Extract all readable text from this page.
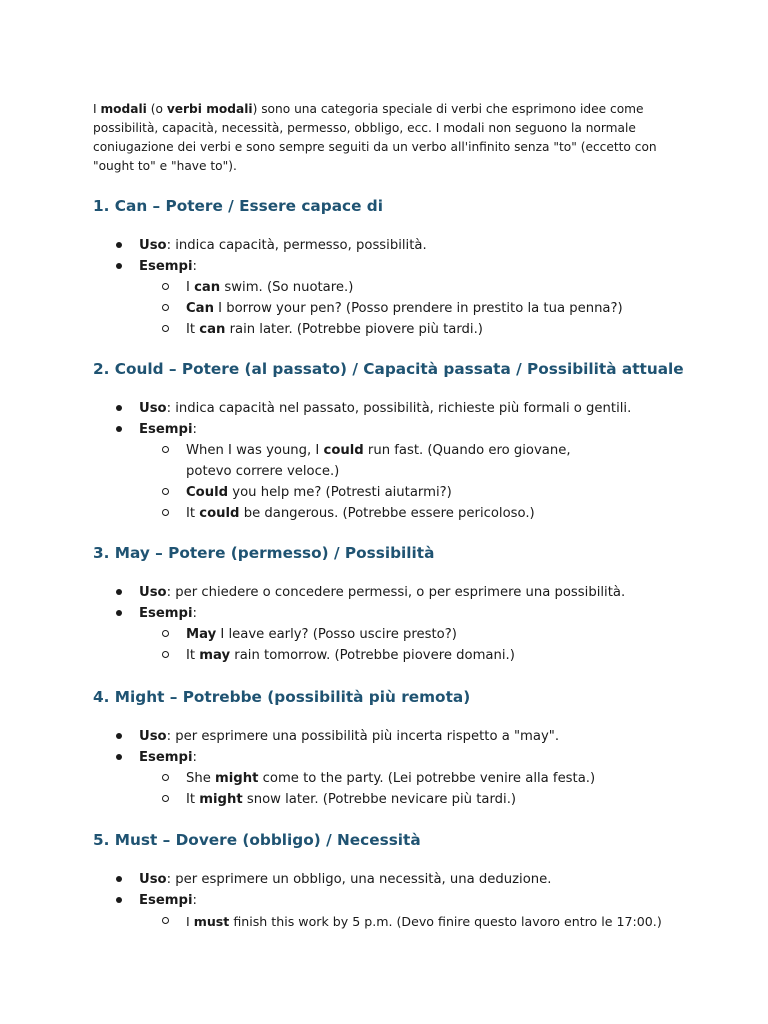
I modali (o verbi modali) sono una categoria speciale di verbi che esprimono idee come possibilità, capacità, necessità, permesso, obbligo, ecc. I modali non seguono la normale coniugazione dei verbi e sono sempre seguiti da un verbo all'infinito senza "to" (eccetto con "ought to" e "have to").

1. Can – Potere / Essere capace di
Uso: indica capacità, permesso, possibilità.
Esempi:
I can swim. (So nuotare.)
Can I borrow your pen? (Posso prendere in prestito la tua penna?)
It can rain later. (Potrebbe piovere più tardi.)
2. Could – Potere (al passato) / Capacità passata / Possibilità attuale
Uso: indica capacità nel passato, possibilità, richieste più formali o gentili.
Esempi:
When I was young, I could run fast. (Quando ero giovane, potevo correre veloce.)
Could you help me? (Potresti aiutarmi?)
It could be dangerous. (Potrebbe essere pericoloso.)
3. May – Potere (permesso) / Possibilità
Uso: per chiedere o concedere permessi, o per esprimere una possibilità.
Esempi:
May I leave early? (Posso uscire presto?)
It may rain tomorrow. (Potrebbe piovere domani.)
4. Might – Potrebbe (possibilità più remota)
Uso: per esprimere una possibilità più incerta rispetto a "may".
Esempi:
She might come to the party. (Lei potrebbe venire alla festa.)
It might snow later. (Potrebbe nevicare più tardi.)
5. Must – Dovere (obbligo) / Necessità
Uso: per esprimere un obbligo, una necessità, una deduzione.
Esempi:
I must finish this work by 5 p.m. (Devo finire questo lavoro entro le 17:00.)
